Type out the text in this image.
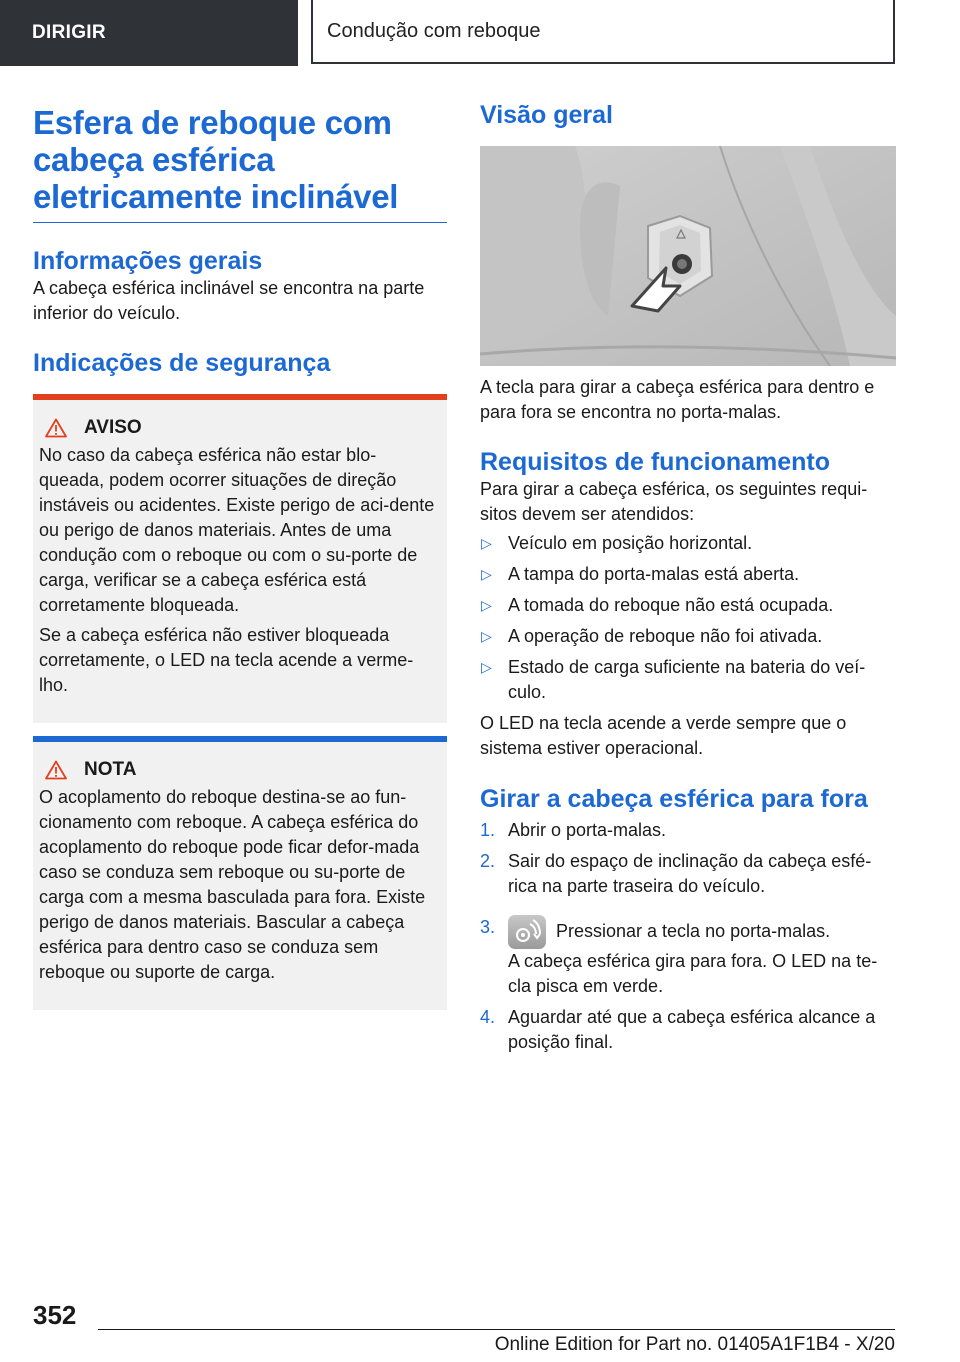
DIRIGIR	Condução com reboque
Esfera de reboque com
cabeça esférica
eletricamente inclinável
Informações gerais

A cabeça esférica inclinável se encontra na parte inferior do veículo.

Indicações de segurança
AVISO

No caso da cabeça esférica não estar blo-queada, podem ocorrer situações de direção instáveis ou acidentes. Existe perigo de aci-dente ou perigo de danos materiais. Antes de uma condução com o reboque ou com o su-porte de carga, verificar se a cabeça esférica está corretamente bloqueada.

Se a cabeça esférica não estiver bloqueada corretamente, o LED na tecla acende a verme-lho.

NOTA

O acoplamento do reboque destina-se ao fun-cionamento com reboque. A cabeça esférica do acoplamento do reboque pode ficar defor-mada caso se conduza sem reboque ou su-porte de carga com a mesma basculada para fora. Existe perigo de danos materiais. Bascular a cabeça esférica para dentro caso se conduza sem reboque ou suporte de carga.

Visão geral

A tecla para girar a cabeça esférica para dentro e para fora se encontra no porta-malas.

Requisitos de funcionamento

Para girar a cabeça esférica, os seguintes requi-sitos devem ser atendidos:

▷ Veículo em posição horizontal.
▷ A tampa do porta-malas está aberta.
▷ A tomada do reboque não está ocupada.
▷ A operação de reboque não foi ativada.
▷ Estado de carga suficiente na bateria do veí-culo.

O LED na tecla acende a verde sempre que o sistema estiver operacional.

Girar a cabeça esférica para fora
1. Abrir o porta-malas.
2. Sair do espaço de inclinação da cabeça esfé-rica na parte traseira do veículo.
3.	Pressionar a tecla no porta-malas.
A cabeça esférica gira para fora. O LED na te-cla pisca em verde.
4. Aguardar até que a cabeça esférica alcance a posição final.
352
Online Edition for Part no. 01405A1F1B4 - X/20
